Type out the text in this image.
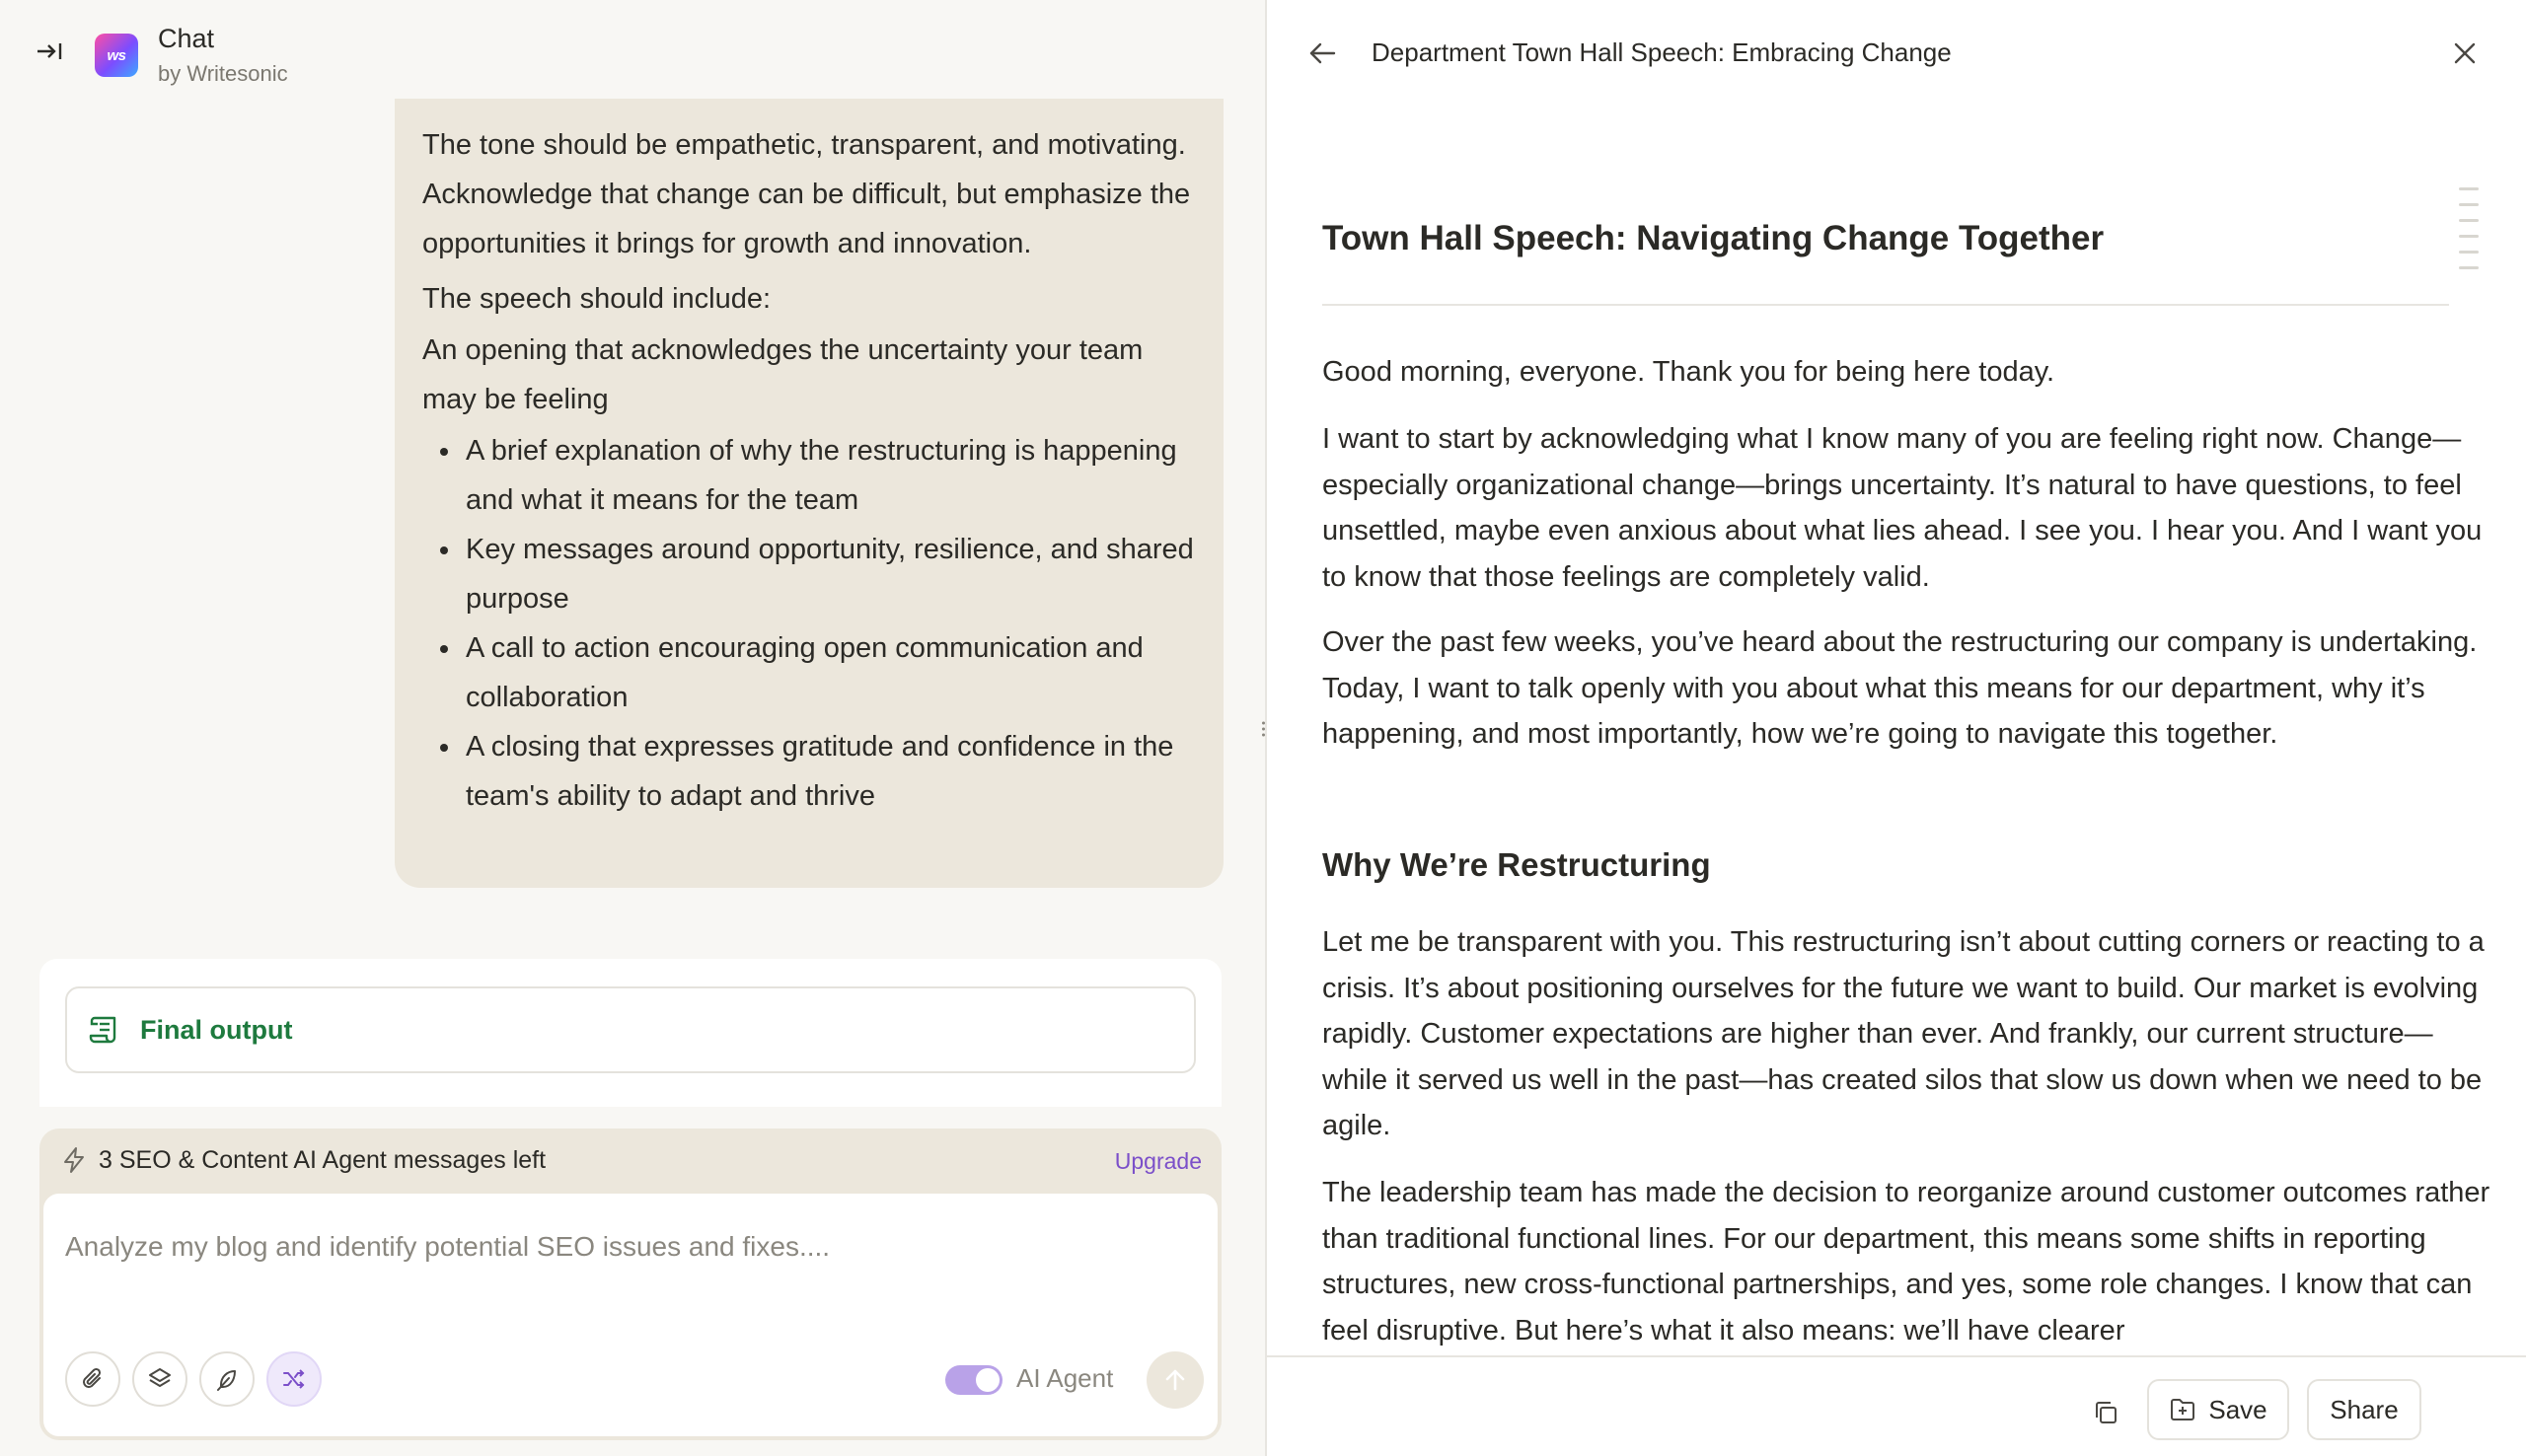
ws
Chat
by Writesonic

The tone should be empathetic, transparent, and motivating. Acknowledge that change can be difficult, but emphasize the opportunities it brings for growth and innovation.

The speech should include:

An opening that acknowledges the uncertainty your team may be feeling

A brief explanation of why the restructuring is happening and what it means for the team
Key messages around opportunity, resilience, and shared purpose
A call to action encouraging open communication and collaboration
A closing that expresses gratitude and confidence in the team's ability to adapt and thrive
Final output
3 SEO & Content AI Agent messages left	Upgrade
Analyze my blog and identify potential SEO issues and fixes....
AI Agent
Department Town Hall Speech: Embracing Change
Town Hall Speech: Navigating Change Together
Good morning, everyone. Thank you for being here today.
I want to start by acknowledging what I know many of you are feeling right now. Change—especially organizational change—brings uncertainty. It’s natural to have questions, to feel unsettled, maybe even anxious about what lies ahead. I see you. I hear you. And I want you to know that those feelings are completely valid.
Over the past few weeks, you’ve heard about the restructuring our company is undertaking. Today, I want to talk openly with you about what this means for our department, why it’s happening, and most importantly, how we’re going to navigate this together.
Why We’re Restructuring
Let me be transparent with you. This restructuring isn’t about cutting corners or reacting to a crisis. It’s about positioning ourselves for the future we want to build. Our market is evolving rapidly. Customer expectations are higher than ever. And frankly, our current structure—while it served us well in the past—has created silos that slow us down when we need to be agile.
The leadership team has made the decision to reorganize around customer outcomes rather than traditional functional lines. For our department, this means some shifts in reporting structures, new cross-functional partnerships, and yes, some role changes. I know that can feel disruptive. But here’s what it also means: we’ll have clearer
Save Share
